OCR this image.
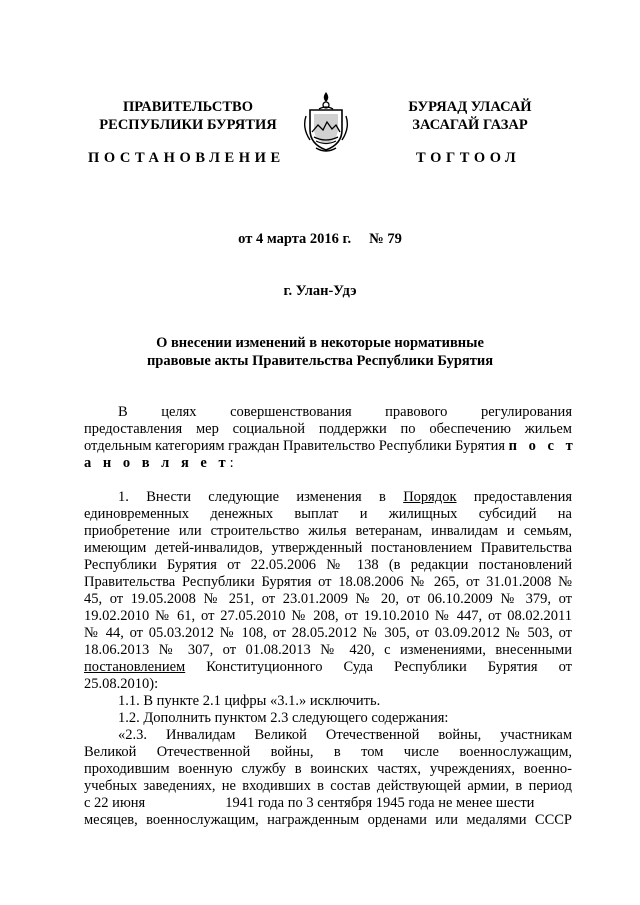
ПРАВИТЕЛЬСТВО
РЕСПУБЛИКИ БУРЯТИЯ
БУРЯАД УЛАСАЙ
ЗАСАГАЙ ГАЗАР
ПОСТАНОВЛЕНИЕ	ТОГТООЛ
от 4 марта 2016 г. № 79
г. Улан-Удэ
О внесении изменений в некоторые нормативные
правовые акты Правительства Республики Бурятия
В целях совершенствования правового регулирования
предоставления мер социальной поддержки по обеспечению жильем
отдельным категориям граждан Правительство Республики Бурятия п о с т
а н о в л я е т:
1. Внести следующие изменения в Порядок предоставления
единовременных денежных выплат и жилищных субсидий на
приобретение или строительство жилья ветеранам, инвалидам и семьям,
имеющим детей-инвалидов, утвержденный постановлением Правительства
Республики Бурятия от 22.05.2006 № 138 (в редакции постановлений
Правительства Республики Бурятия от 18.08.2006 № 265, от 31.01.2008 №
45, от 19.05.2008 № 251, от 23.01.2009 № 20, от 06.10.2009 № 379, от
19.02.2010 № 61, от 27.05.2010 № 208, от 19.10.2010 № 447, от 08.02.2011
№ 44, от 05.03.2012 № 108, от 28.05.2012 № 305, от 03.09.2012 № 503, от
18.06.2013 № 307, от 01.08.2013 № 420, с изменениями, внесенными
постановлением Конституционного Суда Республики Бурятия от
25.08.2010):
1.1. В пункте 2.1 цифры «3.1.» исключить.
1.2. Дополнить пунктом 2.3 следующего содержания:
«2.3. Инвалидам Великой Отечественной войны, участникам
Великой Отечественной войны, в том числе военнослужащим,
проходившим военную службу в воинских частях, учреждениях, военно-
учебных заведениях, не входивших в состав действующей армии, в период
с 22 июня	1941 года по 3 сентября 1945 года не менее шести
месяцев, военнослужащим, награжденным орденами или медалями СССР
